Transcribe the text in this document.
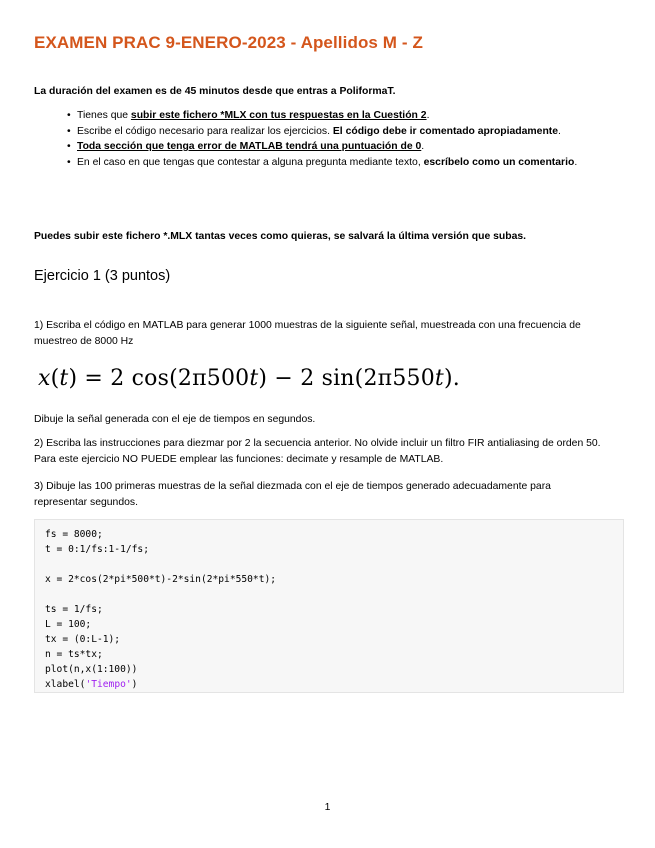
EXAMEN PRAC 9-ENERO-2023 - Apellidos M - Z

La duración del examen es de 45 minutos desde que entras a PoliformaT.

• Tienes que subir este fichero *MLX con tus respuestas en la Cuestión 2.
• Escribe el código necesario para realizar los ejercicios. El código debe ir comentado apropiadamente.
• Toda sección que tenga error de MATLAB tendrá una puntuación de 0.
• En el caso en que tengas que contestar a alguna pregunta mediante texto, escríbelo como un comentario.

Puedes subir este fichero *.MLX tantas veces como quieras, se salvará la última versión que subas.

Ejercicio 1 (3 puntos)

1) Escriba el código en MATLAB para generar 1000 muestras de la siguiente señal, muestreada con una frecuencia de muestreo de 8000 Hz

x(t) = 2 cos(2π500t) − 2 sin(2π550t).

Dibuje la señal generada con el eje de tiempos en segundos.

2) Escriba las instrucciones para diezmar por 2 la secuencia anterior. No olvide incluir un filtro FIR antialiasing de orden 50. Para este ejercicio NO PUEDE emplear las funciones: decimate y resample de MATLAB.

3) Dibuje las 100 primeras muestras de la señal diezmada con el eje de tiempos generado adecuadamente para representar segundos.

fs = 8000;
t = 0:1/fs:1-1/fs;
x = 2*cos(2*pi*500*t)-2*sin(2*pi*550*t);
ts = 1/fs;
L = 100;
tx = (0:L-1);
n = ts*tx;
plot(n,x(1:100))
xlabel('Tiempo')

1
